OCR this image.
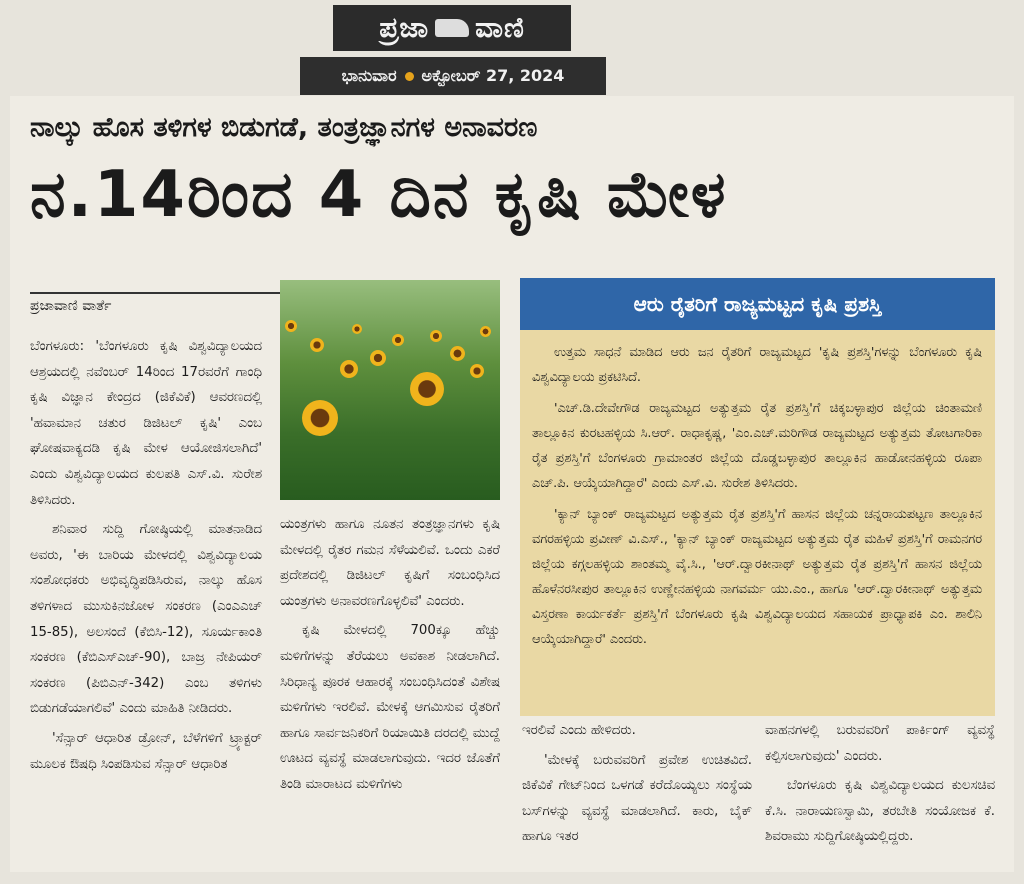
ಪ್ರಜಾ ವಾಣಿ
ಭಾನುವಾರ ಅಕ್ಟೋಬರ್ 27, 2024
ನಾಲ್ಕು ಹೊಸ ತಳಿಗಳ ಬಿಡುಗಡೆ, ತಂತ್ರಜ್ಞಾನಗಳ ಅನಾವರಣ
ನ.14ರಿಂದ 4 ದಿನ ಕೃಷಿ ಮೇಳ
ಪ್ರಜಾವಾಣಿ ವಾರ್ತೆ

ಬೆಂಗಳೂರು: 'ಬೆಂಗಳೂರು ಕೃಷಿ ವಿಶ್ವವಿದ್ಯಾಲಯದ ಆಶ್ರಯದಲ್ಲಿ ನವೆಂಬರ್ 14ರಿಂದ 17ರವರೆಗೆ ಗಾಂಧಿ ಕೃಷಿ ವಿಜ್ಞಾನ ಕೇಂದ್ರದ (ಜಿಕೆವಿಕೆ) ಆವರಣದಲ್ಲಿ 'ಹವಾಮಾನ ಚತುರ ಡಿಜಿಟಲ್ ಕೃಷಿ' ಎಂಬ ಘೋಷವಾಕ್ಯದಡಿ ಕೃಷಿ ಮೇಳ ಆಯೋಜಿಸಲಾಗಿದೆ' ಎಂದು ವಿಶ್ವವಿದ್ಯಾಲಯದ ಕುಲಪತಿ ಎಸ್.ವಿ. ಸುರೇಶ ತಿಳಿಸಿದರು.

ಶನಿವಾರ ಸುದ್ದಿ ಗೋಷ್ಠಿಯಲ್ಲಿ ಮಾತನಾಡಿದ ಅವರು, 'ಈ ಬಾರಿಯ ಮೇಳದಲ್ಲಿ ವಿಶ್ವವಿದ್ಯಾಲಯ ಸಂಶೋಧಕರು ಅಭಿವೃದ್ಧಿಪಡಿಸಿರುವ, ನಾಲ್ಕು ಹೊಸ ತಳಿಗಳಾದ ಮುಸುಕಿನಜೋಳ ಸಂಕರಣ (ಎಂಎಎಚ್ 15-85), ಅಲಸಂದೆ (ಕೆಬಿಸಿ-12), ಸೂರ್ಯಕಾಂತಿ ಸಂಕರಣ (ಕೆಬಿಎಸ್‌ಎಚ್-90), ಬಾಜ್ರ ನೇಪಿಯರ್ ಸಂಕರಣ (ಪಿಬಿಎನ್-342) ಎಂಬ ತಳಿಗಳು ಬಿಡುಗಡೆಯಾಗಲಿವೆ' ಎಂದು ಮಾಹಿತಿ ನೀಡಿದರು.

'ಸೆನ್ಸಾರ್ ಆಧಾರಿತ ಡ್ರೋನ್, ಬೆಳೆಗಳಿಗೆ ಟ್ರ್ಯಾಕ್ಟರ್ ಮೂಲಕ ಔಷಧಿ ಸಿಂಪಡಿಸುವ ಸೆನ್ಸಾರ್ ಆಧಾರಿತ

ಯಂತ್ರಗಳು ಹಾಗೂ ನೂತನ ತಂತ್ರಜ್ಞಾನಗಳು ಕೃಷಿ ಮೇಳದಲ್ಲಿ ರೈತರ ಗಮನ ಸೆಳೆಯಲಿವೆ. ಒಂದು ಎಕರೆ ಪ್ರದೇಶದಲ್ಲಿ ಡಿಜಿಟಲ್ ಕೃಷಿಗೆ ಸಂಬಂಧಿಸಿದ ಯಂತ್ರಗಳು ಅನಾವರಣಗೊಳ್ಳಲಿವೆ' ಎಂದರು.

ಕೃಷಿ ಮೇಳದಲ್ಲಿ 700ಕ್ಕೂ ಹೆಚ್ಚು ಮಳಿಗೆಗಳನ್ನು ತೆರೆಯಲು ಅವಕಾಶ ನೀಡಲಾಗಿದೆ. ಸಿರಿಧಾನ್ಯ ಪೂರಕ ಆಹಾರಕ್ಕೆ ಸಂಬಂಧಿಸಿದಂತೆ ವಿಶೇಷ ಮಳಿಗೆಗಳು ಇರಲಿವೆ. ಮೇಳಕ್ಕೆ ಆಗಮಿಸುವ ರೈತರಿಗೆ ಹಾಗೂ ಸಾರ್ವಜನಿಕರಿಗೆ ರಿಯಾಯಿತಿ ದರದಲ್ಲಿ ಮುದ್ದೆ ಊಟದ ವ್ಯವಸ್ಥೆ ಮಾಡಲಾಗುವುದು. ಇದರ ಜೊತೆಗೆ ತಿಂಡಿ ಮಾರಾಟದ ಮಳಿಗೆಗಳು

ಆರು ರೈತರಿಗೆ ರಾಜ್ಯಮಟ್ಟದ ಕೃಷಿ ಪ್ರಶಸ್ತಿ

ಉತ್ತಮ ಸಾಧನೆ ಮಾಡಿದ ಆರು ಜನ ರೈತರಿಗೆ ರಾಜ್ಯಮಟ್ಟದ 'ಕೃಷಿ ಪ್ರಶಸ್ತಿ'ಗಳನ್ನು ಬೆಂಗಳೂರು ಕೃಷಿ ವಿಶ್ವವಿದ್ಯಾಲಯ ಪ್ರಕಟಿಸಿದೆ.

'ಎಚ್.ಡಿ.ದೇವೇಗೌಡ ರಾಜ್ಯಮಟ್ಟದ ಅತ್ಯುತ್ತಮ ರೈತ ಪ್ರಶಸ್ತಿ'ಗೆ ಚಿಕ್ಕಬಳ್ಳಾಪುರ ಜಿಲ್ಲೆಯ ಚಿಂತಾಮಣಿ ತಾಲ್ಲೂಕಿನ ಕುರಟಹಳ್ಳಿಯ ಸಿ.ಆರ್. ರಾಧಾಕೃಷ್ಣ, 'ಎಂ.ಎಚ್.ಮರಿಗೌಡ ರಾಜ್ಯಮಟ್ಟದ ಅತ್ಯುತ್ತಮ ತೋಟಗಾರಿಕಾ ರೈತ ಪ್ರಶಸ್ತಿ'ಗೆ ಬೆಂಗಳೂರು ಗ್ರಾಮಾಂತರ ಜಿಲ್ಲೆಯ ದೊಡ್ಡಬಳ್ಳಾಪುರ ತಾಲ್ಲೂಕಿನ ಹಾಡೋನಹಳ್ಳಿಯ ರೂಪಾ ಎಚ್.ಪಿ. ಆಯ್ಕೆಯಾಗಿದ್ದಾರೆ' ಎಂದು ಎಸ್.ವಿ. ಸುರೇಶ ತಿಳಿಸಿದರು.

'ಕ್ಯಾನ್ ಬ್ಯಾಂಕ್ ರಾಜ್ಯಮಟ್ಟದ ಅತ್ಯುತ್ತಮ ರೈತ ಪ್ರಶಸ್ತಿ'ಗೆ ಹಾಸನ ಜಿಲ್ಲೆಯ ಚನ್ನರಾಯಪಟ್ಟಣ ತಾಲ್ಲೂಕಿನ ವಗರಹಳ್ಳಿಯ ಪ್ರವೀಣ್ ವಿ.ಎಸ್., 'ಕ್ಯಾನ್ ಬ್ಯಾಂಕ್ ರಾಜ್ಯಮಟ್ಟದ ಅತ್ಯುತ್ತಮ ರೈತ ಮಹಿಳೆ ಪ್ರಶಸ್ತಿ'ಗೆ ರಾಮನಗರ ಜಿಲ್ಲೆಯ ಕಗ್ಗಲಹಳ್ಳಿಯ ಶಾಂತಮ್ಮ ವೈ.ಸಿ., 'ಆರ್.ದ್ವಾರಕೀನಾಥ್ ಅತ್ಯುತ್ತಮ ರೈತ ಪ್ರಶಸ್ತಿ'ಗೆ ಹಾಸನ ಜಿಲ್ಲೆಯ ಹೊಳೆನರಸೀಪುರ ತಾಲ್ಲೂಕಿನ ಉಣ್ಣೇನಹಳ್ಳಿಯ ನಾಗವರ್ಮ ಯು.ಎಂ., ಹಾಗೂ 'ಆರ್.ದ್ವಾರಕೀನಾಥ್ ಅತ್ಯುತ್ತಮ ವಿಸ್ತರಣಾ ಕಾರ್ಯಕರ್ತೆ ಪ್ರಶಸ್ತಿ'ಗೆ ಬೆಂಗಳೂರು ಕೃಷಿ ವಿಶ್ವವಿದ್ಯಾಲಯದ ಸಹಾಯಕ ಪ್ರಾಧ್ಯಾಪಕಿ ಎಂ. ಶಾಲಿನಿ ಆಯ್ಕೆಯಾಗಿದ್ದಾರೆ' ಎಂದರು.

ಇರಲಿವೆ ಎಂದು ಹೇಳಿದರು.

'ಮೇಳಕ್ಕೆ ಬರುವವರಿಗೆ ಪ್ರವೇಶ ಉಚಿತವಿದೆ. ಜಿಕೆವಿಕೆ ಗೇಟ್‌ನಿಂದ ಒಳಗಡೆ ಕರೆದೊಯ್ಯಲು ಸಂಸ್ಥೆಯ ಬಸ್‌ಗಳನ್ನು ವ್ಯವಸ್ಥೆ ಮಾಡಲಾಗಿದೆ. ಕಾರು, ಬೈಕ್ ಹಾಗೂ ಇತರ

ವಾಹನಗಳಲ್ಲಿ ಬರುವವರಿಗೆ ಪಾರ್ಕಿಂಗ್ ವ್ಯವಸ್ಥೆ ಕಲ್ಪಿಸಲಾಗುವುದು' ಎಂದರು.

ಬೆಂಗಳೂರು ಕೃಷಿ ವಿಶ್ವವಿದ್ಯಾಲಯದ ಕುಲಸಚಿವ ಕೆ.ಸಿ. ನಾರಾಯಣಸ್ವಾಮಿ, ತರಬೇತಿ ಸಂಯೋಜಕ ಕೆ. ಶಿವರಾಮು ಸುದ್ದಿಗೋಷ್ಠಿಯಲ್ಲಿದ್ದರು.
